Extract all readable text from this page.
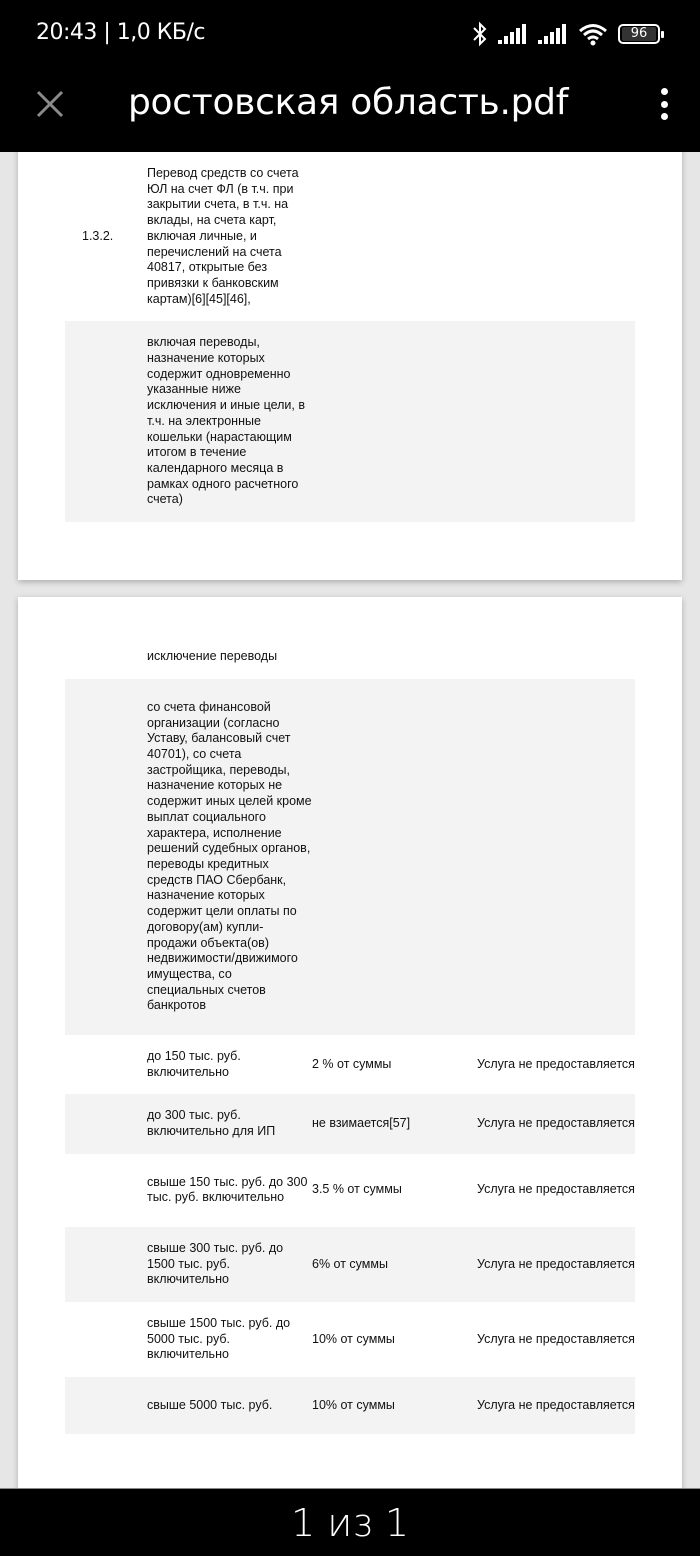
20:43 | 1,0 КБ/с	96
ростовская область.pdf
1.3.2.	Перевод средств со счета ЮЛ на счет ФЛ (в т.ч. при закрытии счета, в т.ч. на вклады, на счета карт, включая личные, и перечислений на счета 40817, открытые без привязки к банковским картам)[6][45][46],		
	включая переводы, назначение которых содержит одновременно указанные ниже исключения и иные цели, в т.ч. на электронные кошельки (нарастающим итогом в течение календарного месяца в рамках одного расчетного счета)		
	исключение переводы		
	со счета финансовой организации (согласно Уставу, балансовый счет 40701), со счета застройщика, переводы, назначение которых не содержит иных целей кроме выплат социального характера, исполнение решений судебных органов, переводы кредитных средств ПАО Сбербанк, назначение которых содержит цели оплаты по договору(ам) купли-продажи объекта(ов) недвижимости/движимого имущества, со специальных счетов банкротов		
	до 150 тыс. руб. включительно	2 % от суммы	Услуга не предоставляется
	до 300 тыс. руб. включительно для ИП	не взимается[57]	Услуга не предоставляется
	свыше 150 тыс. руб. до 300 тыс. руб. включительно	3.5 % от суммы	Услуга не предоставляется
	свыше 300 тыс. руб. до 1500 тыс. руб. включительно	6% от суммы	Услуга не предоставляется
	свыше 1500 тыс. руб. до 5000 тыс. руб. включительно	10% от суммы	Услуга не предоставляется
	свыше 5000 тыс. руб.	10% от суммы	Услуга не предоставляется
1 из 1
